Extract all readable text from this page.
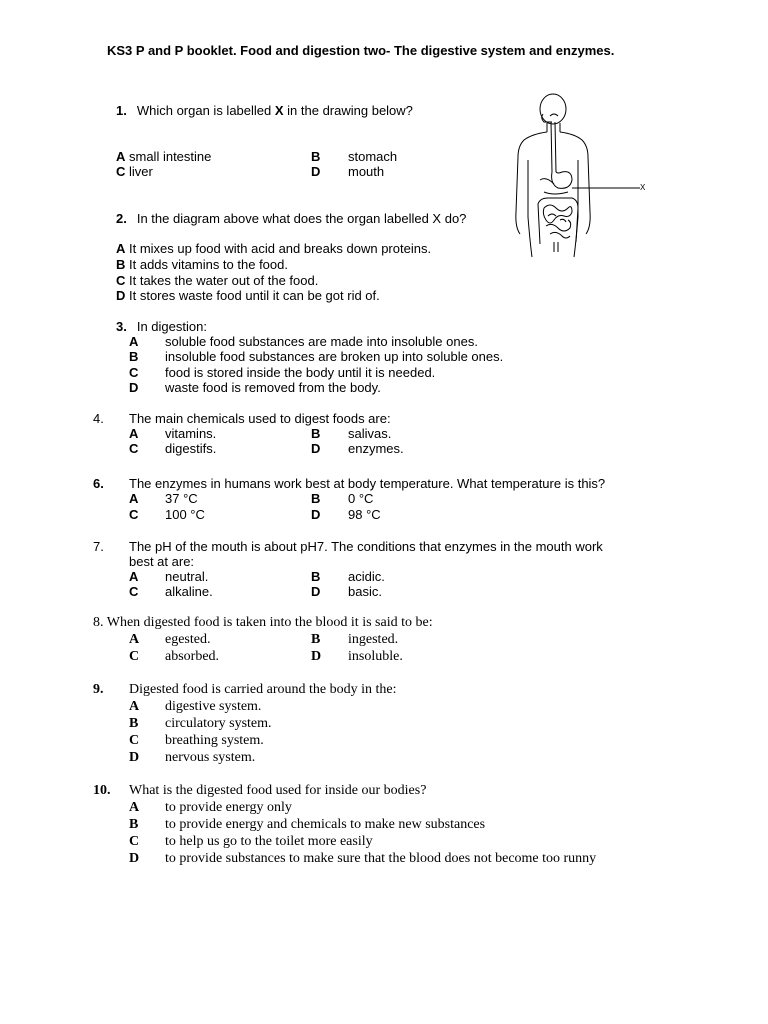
KS3 P and P booklet. Food and digestion two- The digestive system and enzymes.
X
1. Which organ is labelled X in the drawing below?
A small intestine	B stomach
C liver	D mouth
2. In the diagram above what does the organ labelled X do?
A It mixes up food with acid and breaks down proteins.
B It adds vitamins to the food.
C It takes the water out of the food.
D It stores waste food until it can be got rid of.
3. In digestion:
A soluble food substances are made into insoluble ones.
B insoluble food substances are broken up into soluble ones.
C food is stored inside the body until it is needed.
D waste food is removed from the body.
4. The main chemicals used to digest foods are:
A vitamins.	B salivas.
C digestifs.	D enzymes.
6. The enzymes in humans work best at body temperature. What temperature is this?
A 37 °C	B 0 °C
C 100 °C	D 98 °C
7. The pH of the mouth is about pH7. The conditions that enzymes in the mouth work
best at are:
A neutral.	B acidic.
C alkaline.	D basic.
8. When digested food is taken into the blood it is said to be:
A egested.	B ingested.
C absorbed.	D insoluble.
9. Digested food is carried around the body in the:
A digestive system.
B circulatory system.
C breathing system.
D nervous system.
10. What is the digested food used for inside our bodies?
A to provide energy only
B to provide energy and chemicals to make new substances
C to help us go to the toilet more easily
D to provide substances to make sure that the blood does not become too runny
